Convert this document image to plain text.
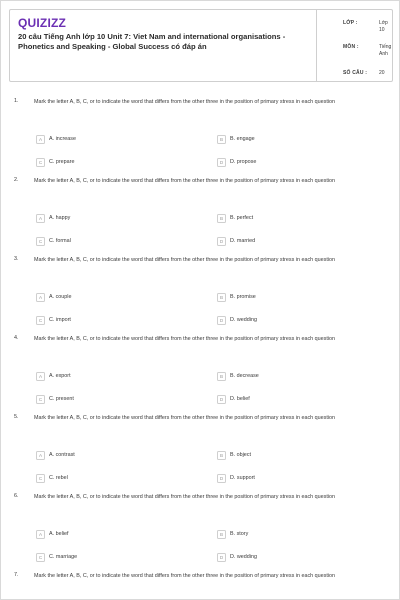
QUIZIZZ
20 câu Tiếng Anh lớp 10 Unit 7: Viet Nam and international organisations - Phonetics and Speaking - Global Success có đáp án
LỚP :	Lớp 10
MÔN :	Tiếng Anh
SỐ CÂU : 20
1.	Mark the letter A, B, C, or to indicate the word that differs from the other three in the position of primary stress in each question
A	A. increase	B	B. engage
C	C. prepare	D	D. propose
2.	Mark the letter A, B, C, or to indicate the word that differs from the other three in the position of primary stress in each question
A	A. happy	B	B. perfect
C	C. formal	D	D. married
3.	Mark the letter A, B, C, or to indicate the word that differs from the other three in the position of primary stress in each question
A	A. couple	B	B. promise
C	C. import	D	D. wedding
4.	Mark the letter A, B, C, or to indicate the word that differs from the other three in the position of primary stress in each question
A	A. export	B	B. decrease
C	C. present	D	D. belief
5.	Mark the letter A, B, C, or to indicate the word that differs from the other three in the position of primary stress in each question
A	A. contrast	B	B. object
C	C. rebel	D	D. support
6.	Mark the letter A, B, C, or to indicate the word that differs from the other three in the position of primary stress in each question
A	A. belief	B	B. story
C	C. marriage	D	D. wedding
7.	Mark the letter A, B, C, or to indicate the word that differs from the other three in the position of primary stress in each question
